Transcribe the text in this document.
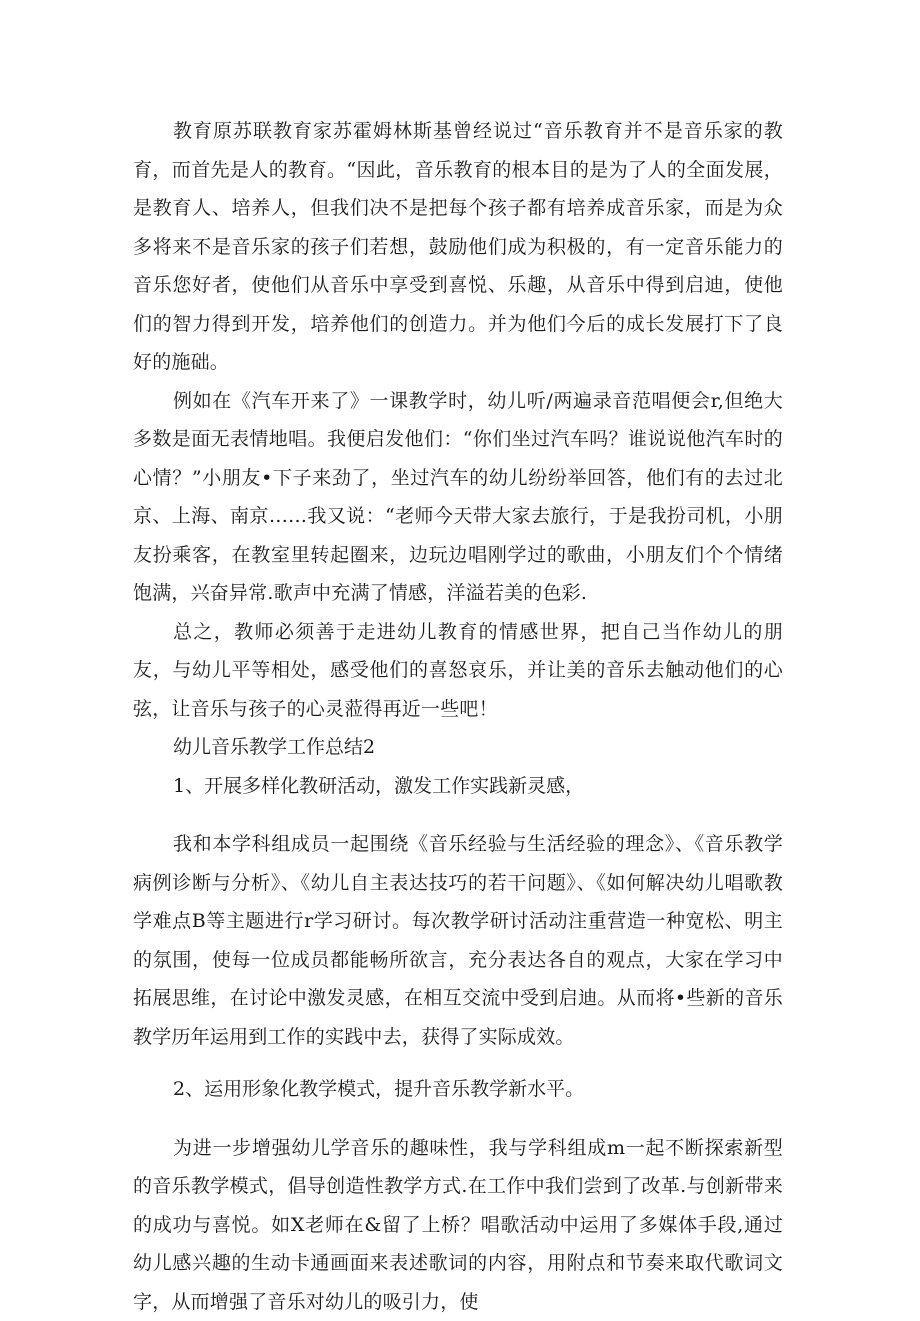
教育原苏联教育家苏霍姆林斯基曾经说过“音乐教育并不是音乐家的教育，而首先是人的教育。“因此，音乐教育的根本目的是为了人的全面发展，是教育人、培养人，但我们决不是把每个孩子都有培养成音乐家，而是为众多将来不是音乐家的孩子们若想，鼓励他们成为积极的，有一定音乐能力的音乐您好者，使他们从音乐中享受到喜悦、乐趣，从音乐中得到启迪，使他们的智力得到开发，培养他们的创造力。并为他们今后的成长发展打下了良好的施础。

例如在《汽车开来了》一课教学时，幼儿听/两遍录音范唱便会r,但绝大多数是面无表情地唱。我便启发他们：“你们坐过汽车吗？谁说说他汽车时的心情？”小朋友•下子来劲了，坐过汽车的幼儿纷纷举回答，他们有的去过北京、上海、南京……我又说：“老师今天带大家去旅行，于是我扮司机，小朋友扮乘客，在教室里转起圈来，边玩边唱刚学过的歌曲，小朋友们个个情绪饱满，兴奋异常.歌声中充满了情感，洋溢若美的色彩.

总之，教师必须善于走进幼儿教育的情感世界，把自己当作幼儿的朋友，与幼儿平等相处，感受他们的喜怒哀乐，并让美的音乐去触动他们的心弦，让音乐与孩子的心灵蒞得再近一些吧！

幼儿音乐教学工作总结2

1、开展多样化教研活动，激发工作实践新灵感，

我和本学科组成员一起围绕《音乐经验与生活经验的理念》、《音乐教学病例诊断与分析》、《幼儿自主表达技巧的若干问题》、《如何解决幼儿唱歌教学难点B等主题进行r学习研讨。每次教学研讨活动注重营造一种宽松、明主的氛围，使每一位成员都能畅所欲言，充分表达各自的观点，大家在学习中拓展思维，在讨论中激发灵感，在相互交流中受到启迪。从而将•些新的音乐教学历年运用到工作的实践中去，获得了实际成效。

2、运用形象化教学模式，提升音乐教学新水平。

为进一步增强幼儿学音乐的趣味性，我与学科组成m一起不断探索新型的音乐教学模式，倡导创造性教学方式.在工作中我们尝到了改革.与创新带来的成功与喜悦。如X老师在&留了上桥？唱歌活动中运用了多媒体手段,通过幼儿感兴趣的生动卡通画面来表述歌词的内容，用附点和节奏来取代歌词文字，从而增强了音乐对幼儿的吸引力，使
